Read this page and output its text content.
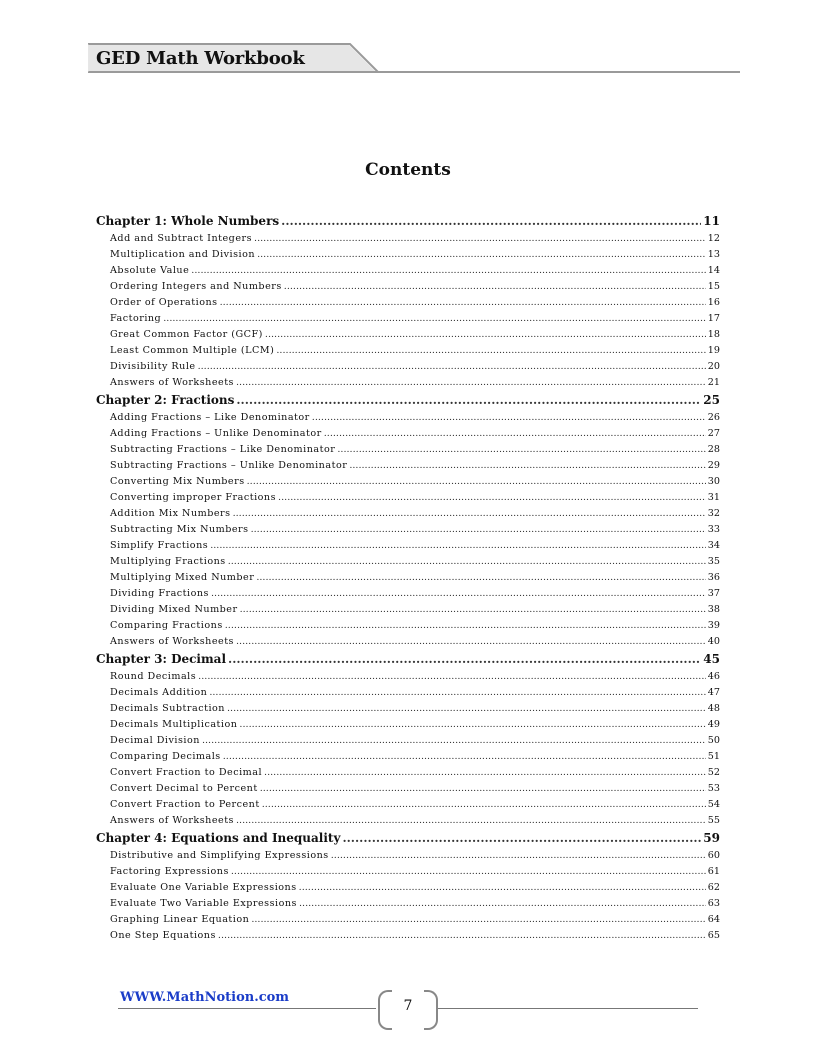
GED Math Workbook
Contents
Chapter 1: Whole Numbers .....	11
Add and Subtract Integers .....	12
Multiplication and Division .....	13
Absolute Value .....	14
Ordering Integers and Numbers .....	15
Order of Operations .....	16
Factoring .....	17
Great Common Factor (GCF) .....	18
Least Common Multiple (LCM) .....	19
Divisibility Rule .....	20
Answers of Worksheets .....	21
Chapter 2: Fractions .....	25
Adding Fractions – Like Denominator .....	26
Adding Fractions – Unlike Denominator .....	27
Subtracting Fractions – Like Denominator .....	28
Subtracting Fractions – Unlike Denominator .....	29
Converting Mix Numbers .....	30
Converting improper Fractions .....	31
Addition Mix Numbers .....	32
Subtracting Mix Numbers .....	33
Simplify Fractions .....	34
Multiplying Fractions .....	35
Multiplying Mixed Number .....	36
Dividing Fractions .....	37
Dividing Mixed Number .....	38
Comparing Fractions .....	39
Answers of Worksheets .....	40
Chapter 3: Decimal .....	45
Round Decimals .....	46
Decimals Addition .....	47
Decimals Subtraction .....	48
Decimals Multiplication .....	49
Decimal Division .....	50
Comparing Decimals .....	51
Convert Fraction to Decimal .....	52
Convert Decimal to Percent .....	53
Convert Fraction to Percent .....	54
Answers of Worksheets .....	55
Chapter 4: Equations and Inequality .....	59
Distributive and Simplifying Expressions .....	60
Factoring Expressions .....	61
Evaluate One Variable Expressions .....	62
Evaluate Two Variable Expressions .....	63
Graphing Linear Equation .....	64
One Step Equations .....	65
WWW.MathNotion.com
7
